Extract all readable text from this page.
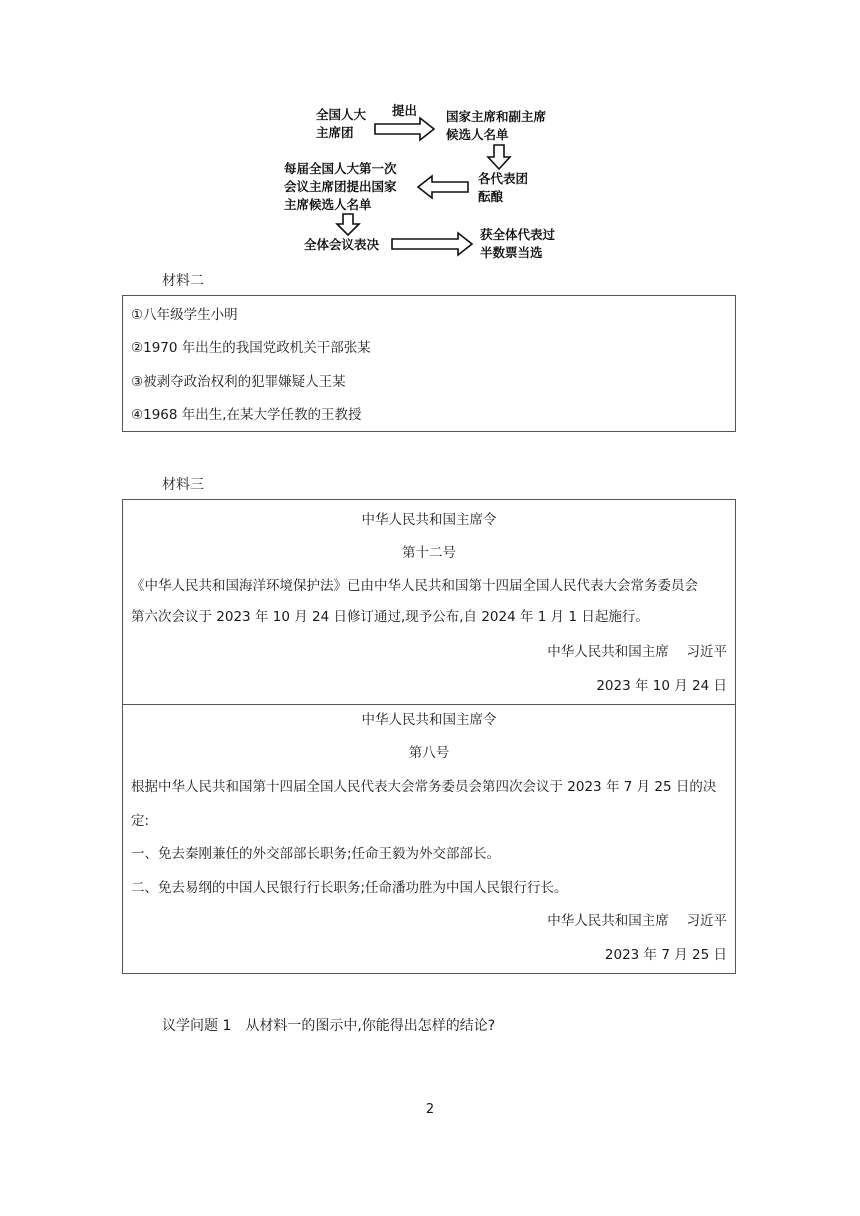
全国人大
主席团
提出 国家主席和副主席
候选人名单
各代表团
酝酿
每届全国人大第一次
会议主席团提出国家
主席候选人名单
全体会议表决
获全体代表过
半数票当选
材料二
①八年级学生小明
②1970 年出生的我国党政机关干部张某
③被剥夺政治权利的犯罪嫌疑人王某
④1968 年出生,在某大学任教的王教授
材料三
中华人民共和国主席令
第十二号
《中华人民共和国海洋环境保护法》已由中华人民共和国第十四届全国人民代表大会常务委员会
第六次会议于 2023 年 10 月 24 日修订通过,现予公布,自 2024 年 1 月 1 日起施行。
中华人民共和国主席　 习近平
2023 年 10 月 24 日
中华人民共和国主席令
第八号
根据中华人民共和国第十四届全国人民代表大会常务委员会第四次会议于 2023 年 7 月 25 日的决
定:
一、免去秦刚兼任的外交部部长职务;任命王毅为外交部部长。
二、免去易纲的中国人民银行行长职务;任命潘功胜为中国人民银行行长。
中华人民共和国主席　 习近平
2023 年 7 月 25 日
议学问题 1　从材料一的图示中,你能得出怎样的结论?
2
